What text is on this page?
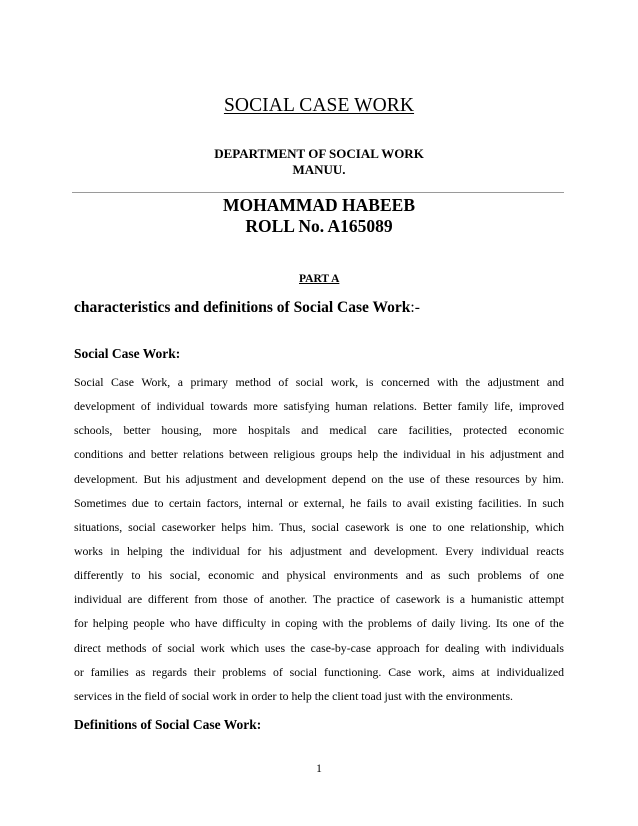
SOCIAL CASE WORK
DEPARTMENT OF SOCIAL WORK
MANUU.
MOHAMMAD HABEEB
ROLL No. A165089
PART A
characteristics and definitions of Social Case Work:-
Social Case Work:
Social Case Work, a primary method of social work, is concerned with the adjustment and
development of individual towards more satisfying human relations. Better family life, improved
schools, better housing, more hospitals and medical care facilities, protected economic
conditions and better relations between religious groups help the individual in his adjustment and
development. But his adjustment and development depend on the use of these resources by him.
Sometimes due to certain factors, internal or external, he fails to avail existing facilities. In such
situations, social caseworker helps him. Thus, social casework is one to one relationship, which
works in helping the individual for his adjustment and development. Every individual reacts
differently to his social, economic and physical environments and as such problems of one
individual are different from those of another. The practice of casework is a humanistic attempt
for helping people who have difficulty in coping with the problems of daily living. Its one of the
direct methods of social work which uses the case-by-case approach for dealing with individuals
or families as regards their problems of social functioning. Case work, aims at individualized
services in the field of social work in order to help the client toad just with the environments.
Definitions of Social Case Work:
1
